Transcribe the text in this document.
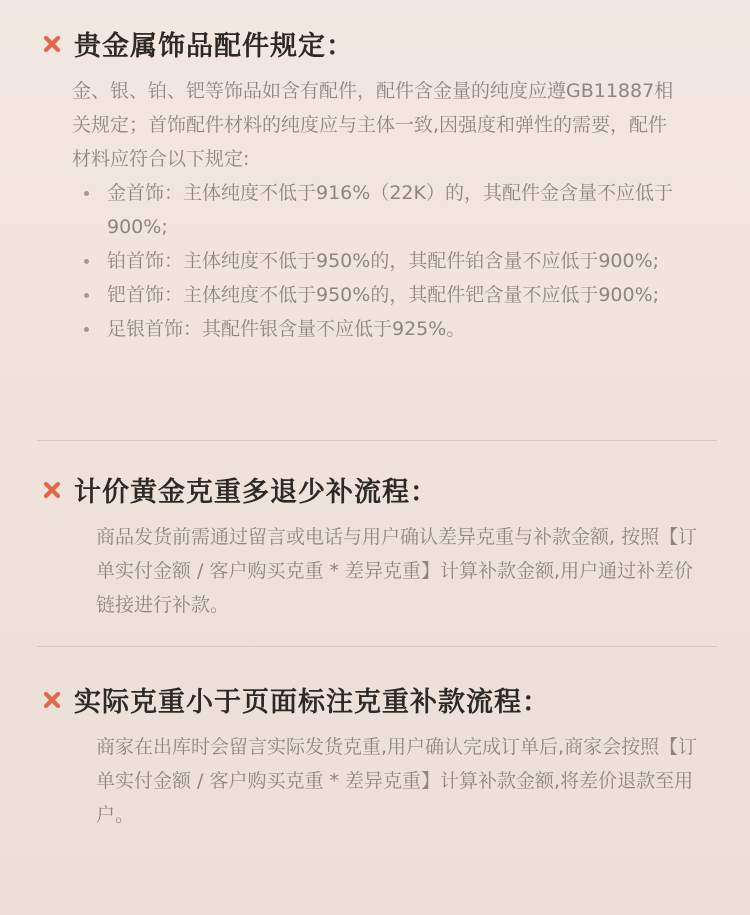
贵金属饰品配件规定：

金、银、铂、钯等饰品如含有配件，配件含金量的纯度应遵GB11887相关规定；首饰配件材料的纯度应与主体一致,因强度和弹性的需要，配件材料应符合以下规定:

金首饰：主体纯度不低于916%（22K）的，其配件金含量不应低于900%;
铂首饰：主体纯度不低于950%的，其配件铂含量不应低于900%;
钯首饰：主体纯度不低于950%的，其配件钯含量不应低于900%;
足银首饰：其配件银含量不应低于925%。
计价黄金克重多退少补流程：

商品发货前需通过留言或电话与用户确认差异克重与补款金额, 按照【订单实付金额 / 客户购买克重 * 差异克重】计算补款金额,用户通过补差价链接进行补款。

实际克重小于页面标注克重补款流程：

商家在出库时会留言实际发货克重,用户确认完成订单后,商家会按照【订单实付金额 / 客户购买克重 * 差异克重】计算补款金额,将差价退款至用户。
